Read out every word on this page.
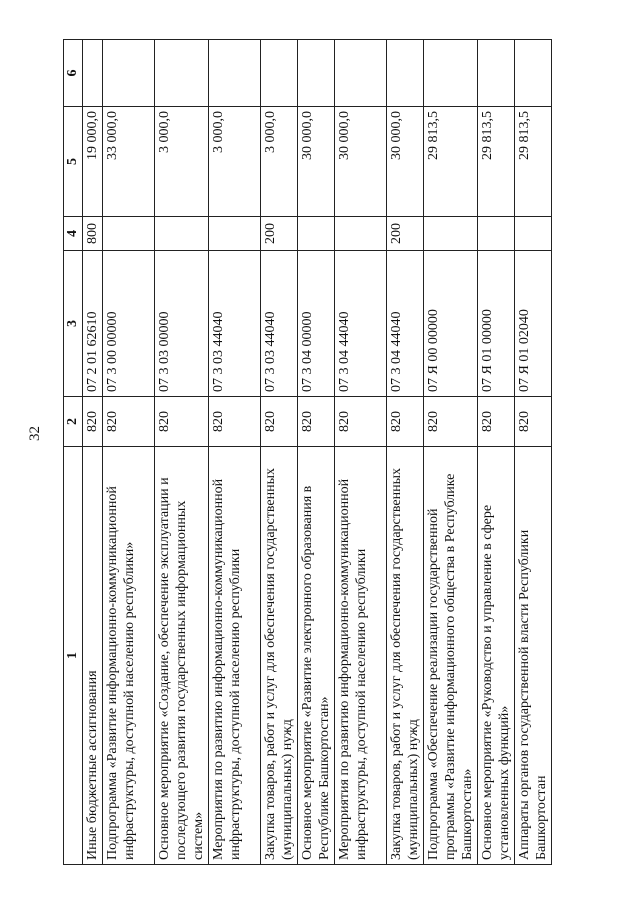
32
1	2	3	4	5	6
Иные бюджетные ассигнования	820	07 2 01 62610	800	19 000,0	
Подпрограмма «Развитие информационно-коммуникационной инфраструктуры, доступной населению республики»	820	07 3 00 00000		33 000,0	
Основное мероприятие «Создание, обеспечение эксплуатации и последующего развития государственных информационных систем»	820	07 3 03 00000		3 000,0	
Мероприятия по развитию информационно-коммуникационной инфраструктуры, доступной населению республики	820	07 3 03 44040		3 000,0	
Закупка товаров, работ и услуг для обеспечения государственных (муниципальных) нужд	820	07 3 03 44040	200	3 000,0	
Основное мероприятие «Развитие электронного образования в Республике Башкортостан»	820	07 3 04 00000		30 000,0	
Мероприятия по развитию информационно-коммуникационной инфраструктуры, доступной населению республики	820	07 3 04 44040		30 000,0	
Закупка товаров, работ и услуг для обеспечения государственных (муниципальных) нужд	820	07 3 04 44040	200	30 000,0	
Подпрограмма «Обеспечение реализации государственной программы «Развитие информационного общества в Республике Башкортостан»	820	07 Я 00 00000		29 813,5	
Основное мероприятие «Руководство и управление в сфере установленных функций»	820	07 Я 01 00000		29 813,5	
Аппараты органов государственной власти Республики Башкортостан	820	07 Я 01 02040		29 813,5	
